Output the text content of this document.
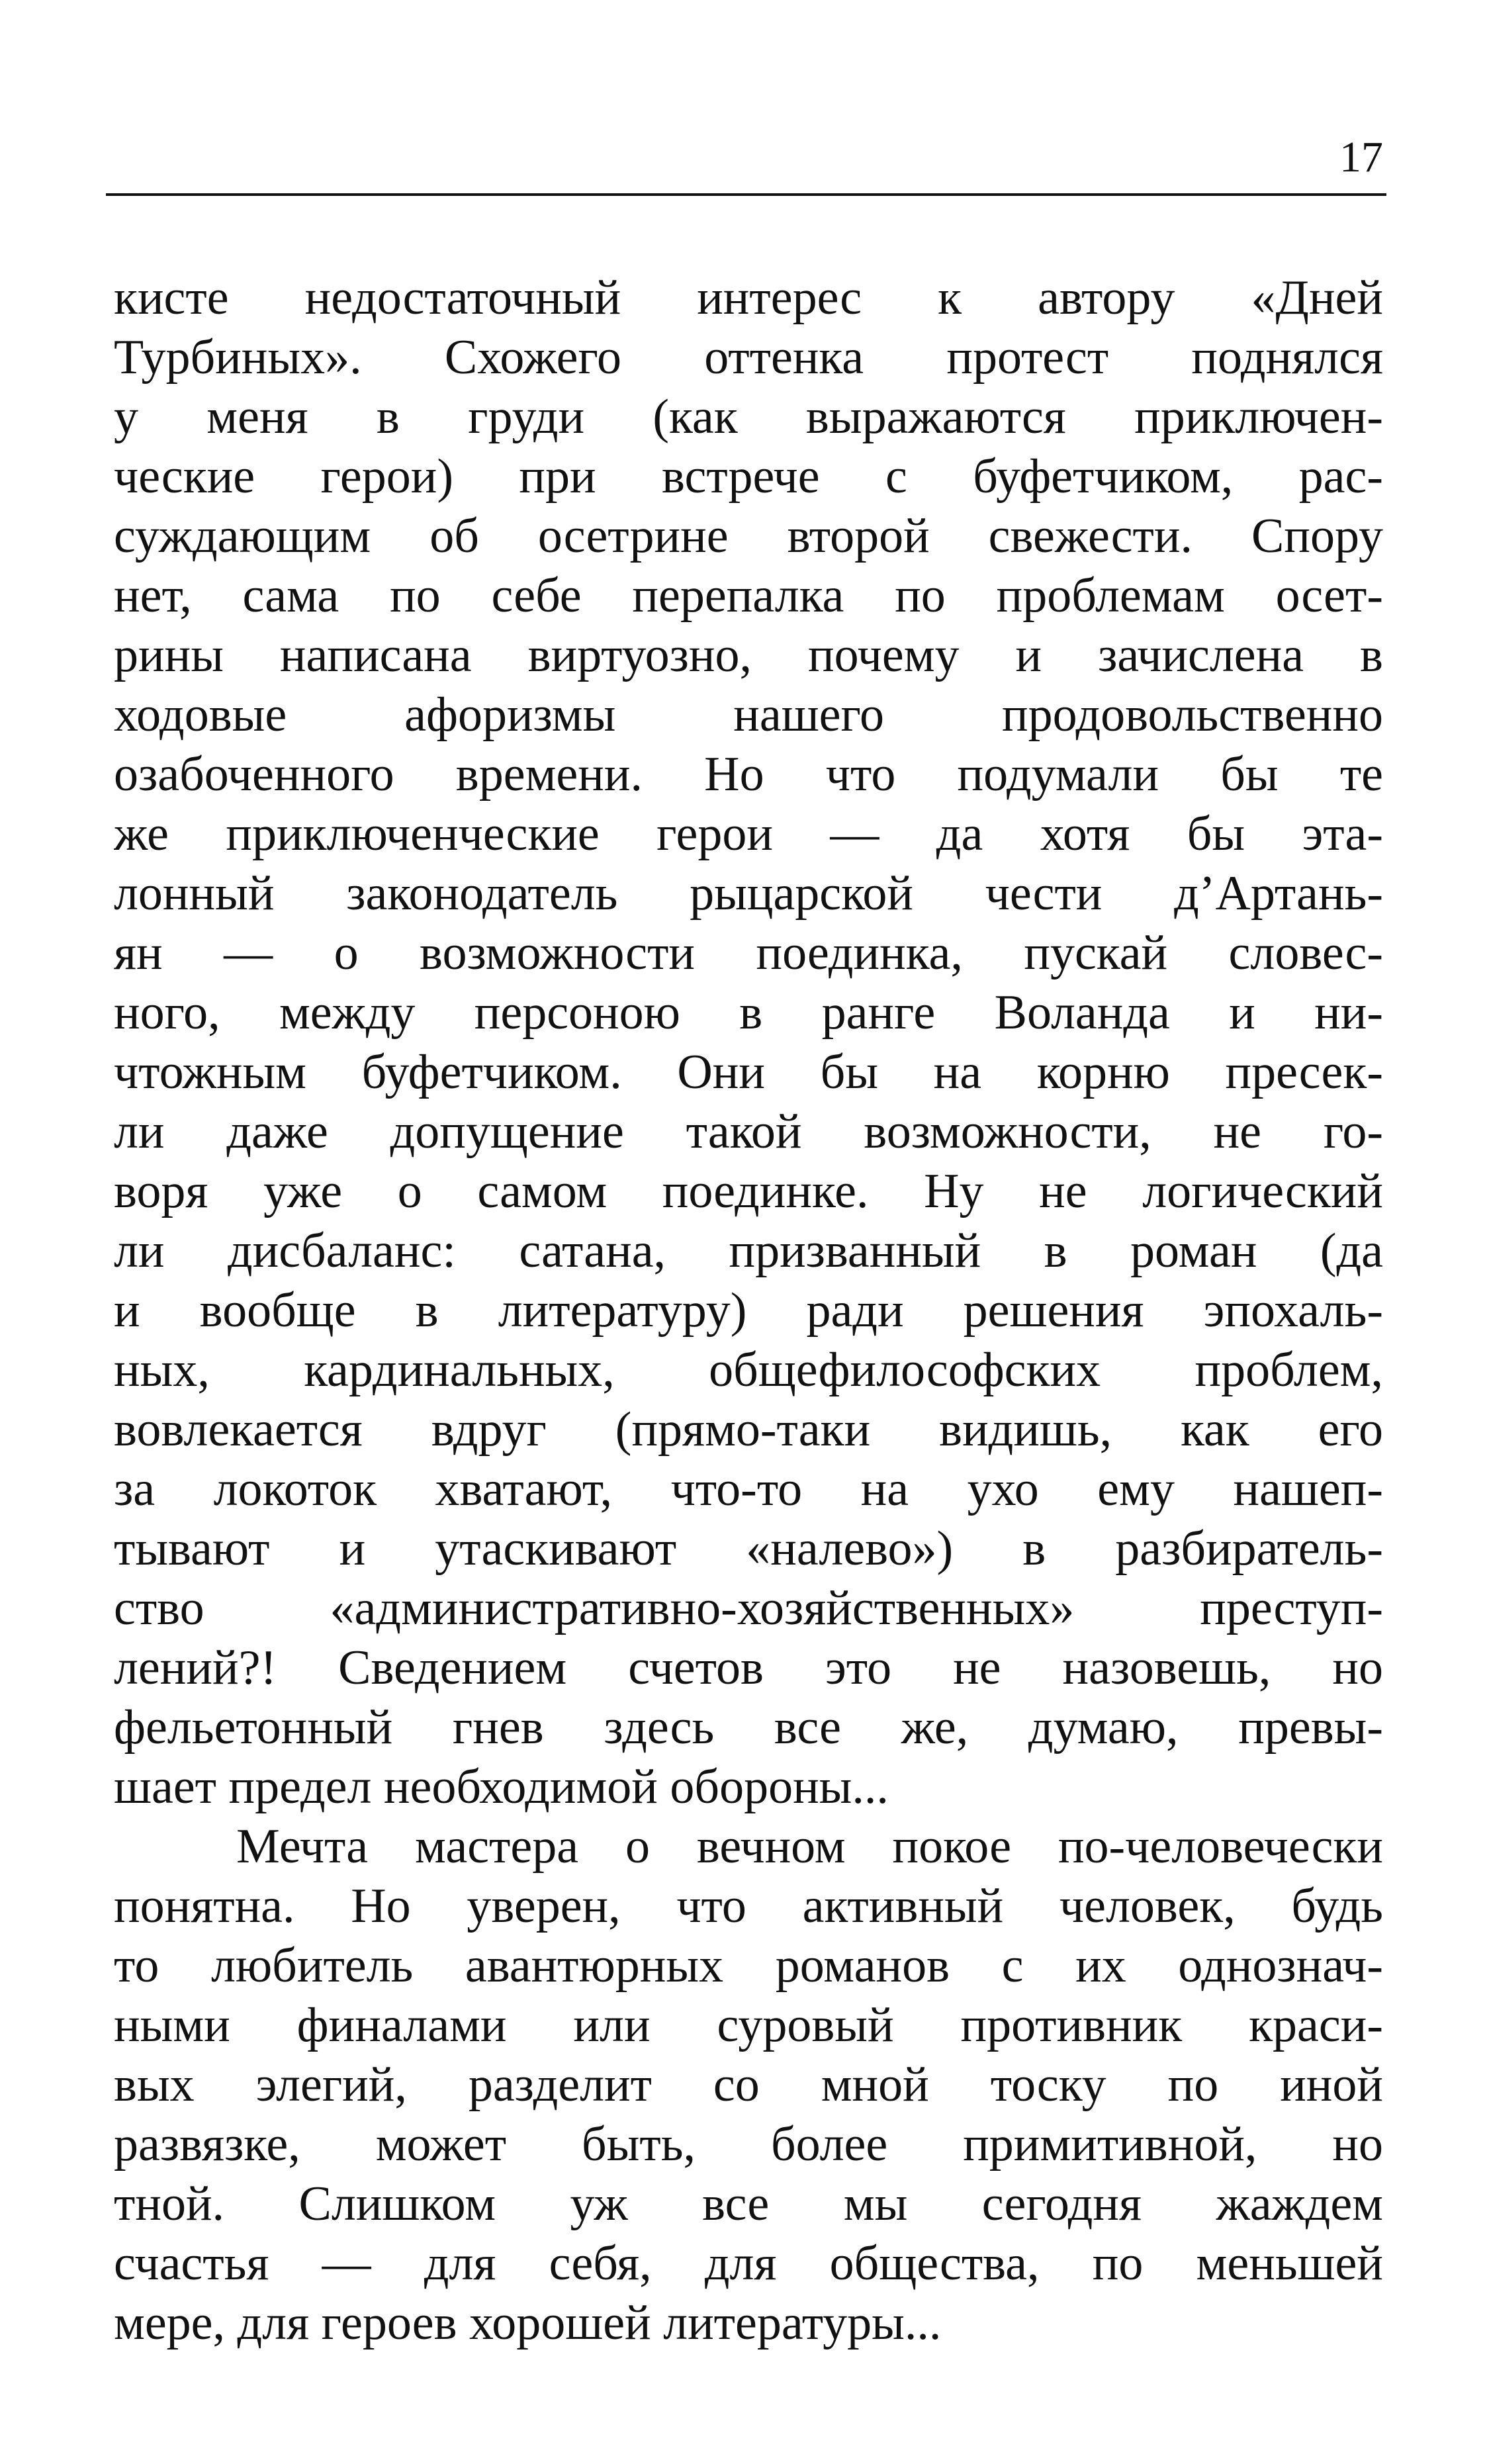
17
кисте недостаточный интерес к автору «Дней
Турбиных». Схожего оттенка протест поднялся
у меня в груди (как выражаются приключен-
ческие герои) при встрече с буфетчиком, рас-
суждающим об осетрине второй свежести. Спору
нет, сама по себе перепалка по проблемам осет-
рины написана виртуозно, почему и зачислена в
ходовые афоризмы нашего продовольственно
озабоченного времени. Но что подумали бы те
же приключенческие герои — да хотя бы эта-
лонный законодатель рыцарской чести д’Артань-
ян — о возможности поединка, пускай словес-
ного, между персоною в ранге Воланда и ни-
чтожным буфетчиком. Они бы на корню пресек-
ли даже допущение такой возможности, не го-
воря уже о самом поединке. Ну не логический
ли дисбаланс: сатана, призванный в роман (да
и вообще в литературу) ради решения эпохаль-
ных, кардинальных, общефилософских проблем,
вовлекается вдруг (прямо-таки видишь, как его
за локоток хватают, что-то на ухо ему нашеп-
тывают и утаскивают «налево») в разбиратель-
ство «административно-хозяйственных» преступ-
лений?! Сведением счетов это не назовешь, но
фельетонный гнев здесь все же, думаю, превы-
шает предел необходимой обороны...
Мечта мастера о вечном покое по-человечески
понятна. Но уверен, что активный человек, будь
то любитель авантюрных романов с их однознач-
ными финалами или суровый противник краси-
вых элегий, разделит со мной тоску по иной
развязке, может быть, более примитивной, но
тной. Слишком уж все мы сегодня жаждем
счастья — для себя, для общества, по меньшей
мере, для героев хорошей литературы...
